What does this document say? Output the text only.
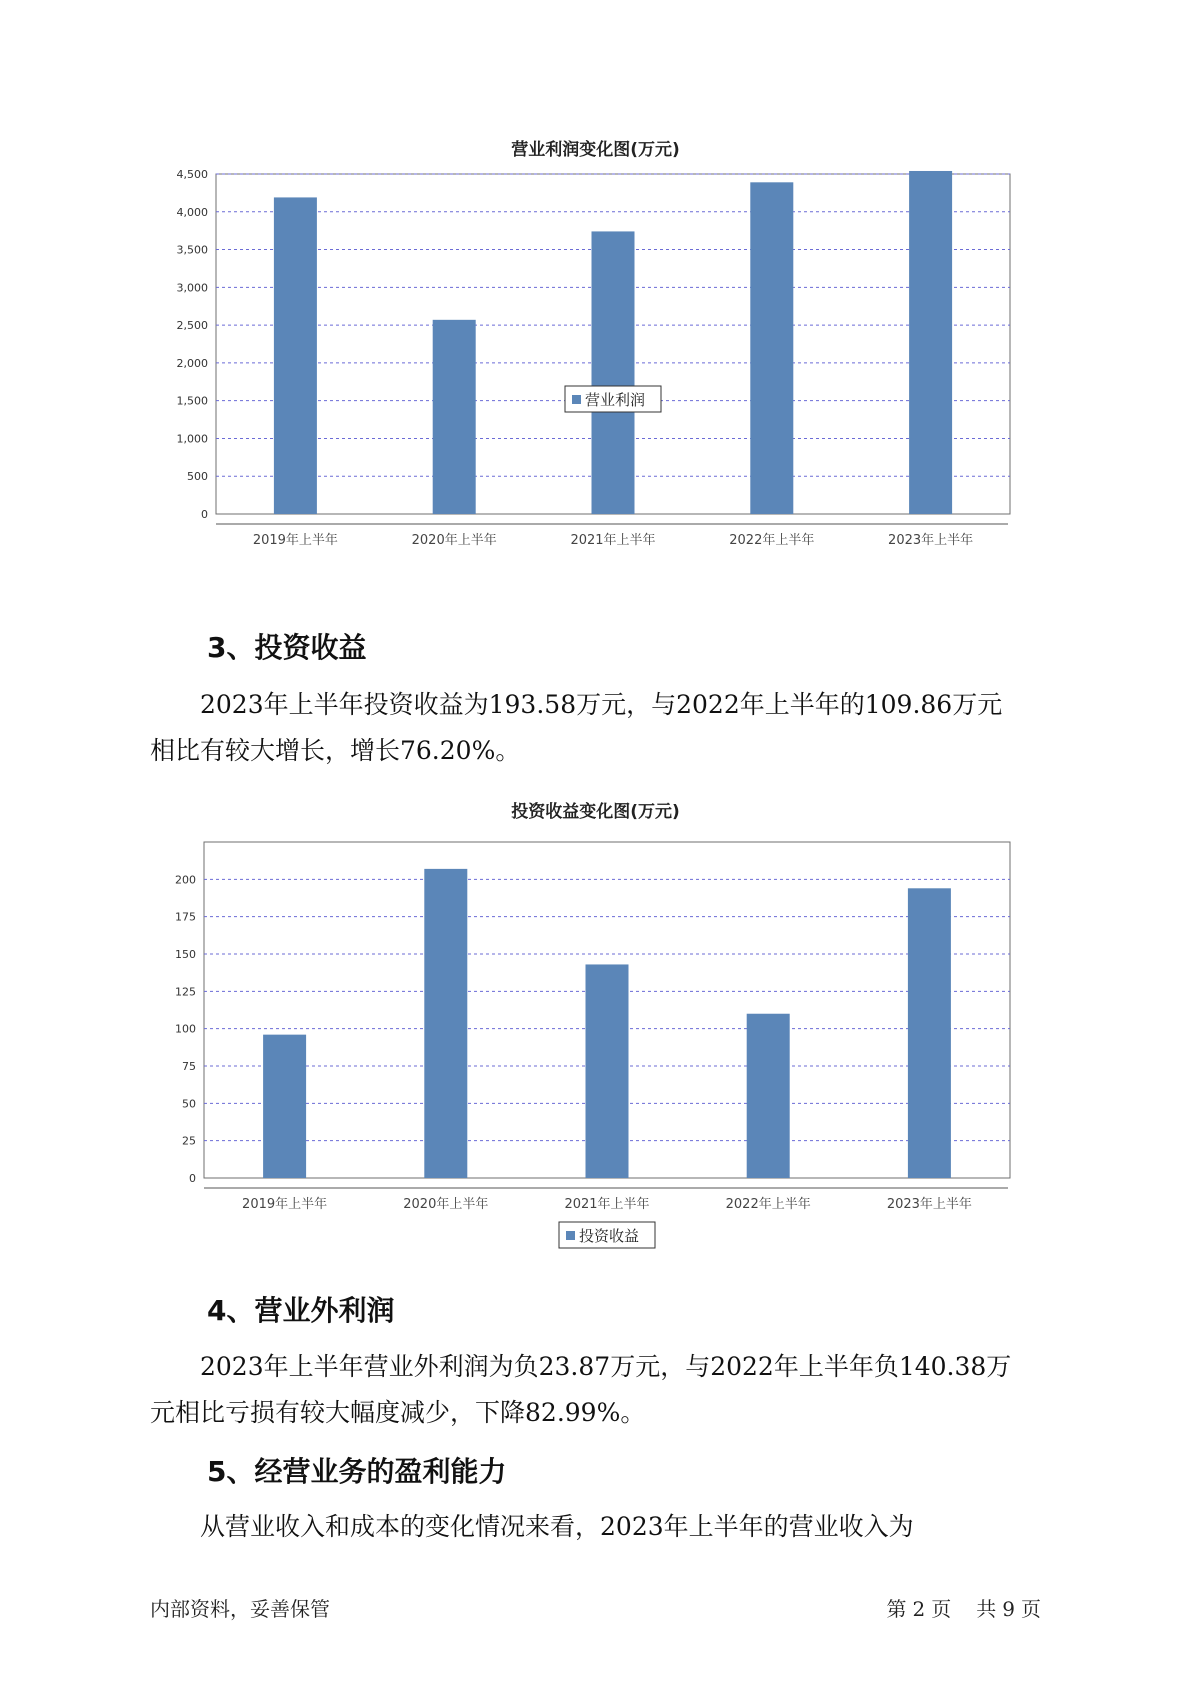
营业利润变化图(万元)
0
500
1,000
1,500
2,000
2,500
3,000
3,500
4,000
4,500
2019年上半年	2020年上半年	2021年上半年	2022年上半年	2023年上半年
营业利润
3、投资收益

2023年上半年投资收益为193.58万元，与2022年上半年的109.86万元
相比有较大增长，增长76.20%。

投资收益变化图(万元)
0
25
50
75
100
125
150
175
200
2019年上半年	2020年上半年	2021年上半年	2022年上半年	2023年上半年
投资收益
4、营业外利润

2023年上半年营业外利润为负23.87万元，与2022年上半年负140.38万
元相比亏损有较大幅度减少，下降82.99%。

5、经营业务的盈利能力

从营业收入和成本的变化情况来看，2023年上半年的营业收入为

内部资料，妥善保管	第 2 页 共 9 页
